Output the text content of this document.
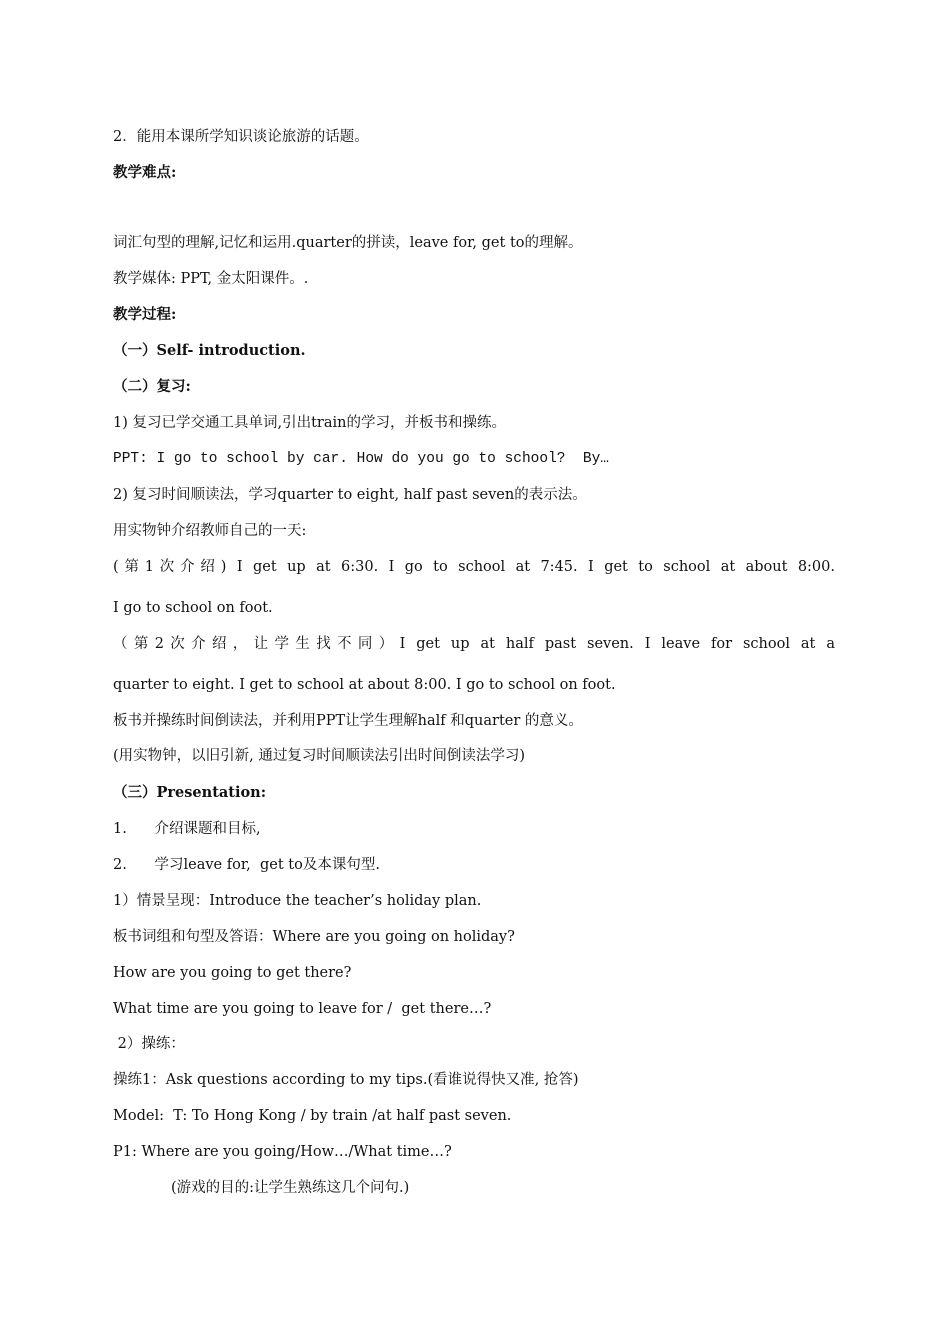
2．能用本课所学知识谈论旅游的话题。
教学难点:
词汇句型的理解,记忆和运用.quarter的拼读，leave for, get to的理解。
教学媒体: PPT, 金太阳课件。.
教学过程:
（一）Self- introduction.
（二）复习:
1) 复习已学交通工具单词,引出train的学习，并板书和操练。
PPT: I go to school by car. How do you go to school?  By…
2) 复习时间顺读法，学习quarter to eight, half past seven的表示法。
用实物钟介绍教师自己的一天:
(第1次介绍) I get up at 6:30. I go to school at 7:45. I get to school at about 8:00.
I go to school on foot.
（第2次介绍，让学生找不同）I get up at half past seven. I leave for school at a
quarter to eight. I get to school at about 8:00. I go to school on foot.
板书并操练时间倒读法，并利用PPT让学生理解half 和quarter 的意义。
(用实物钟，以旧引新, 通过复习时间顺读法引出时间倒读法学习)
（三）Presentation:
1.      介绍课题和目标,
2.      学习leave for,  get to及本课句型.
1）情景呈现：Introduce the teacher’s holiday plan.
板书词组和句型及答语：Where are you going on holiday?
How are you going to get there?
What time are you going to leave for /  get there…?
2）操练：
操练1：Ask questions according to my tips.(看谁说得快又准, 抢答)
Model:  T: To Hong Kong / by train /at half past seven.
P1: Where are you going/How…/What time…?
(游戏的目的:让学生熟练这几个问句.)
